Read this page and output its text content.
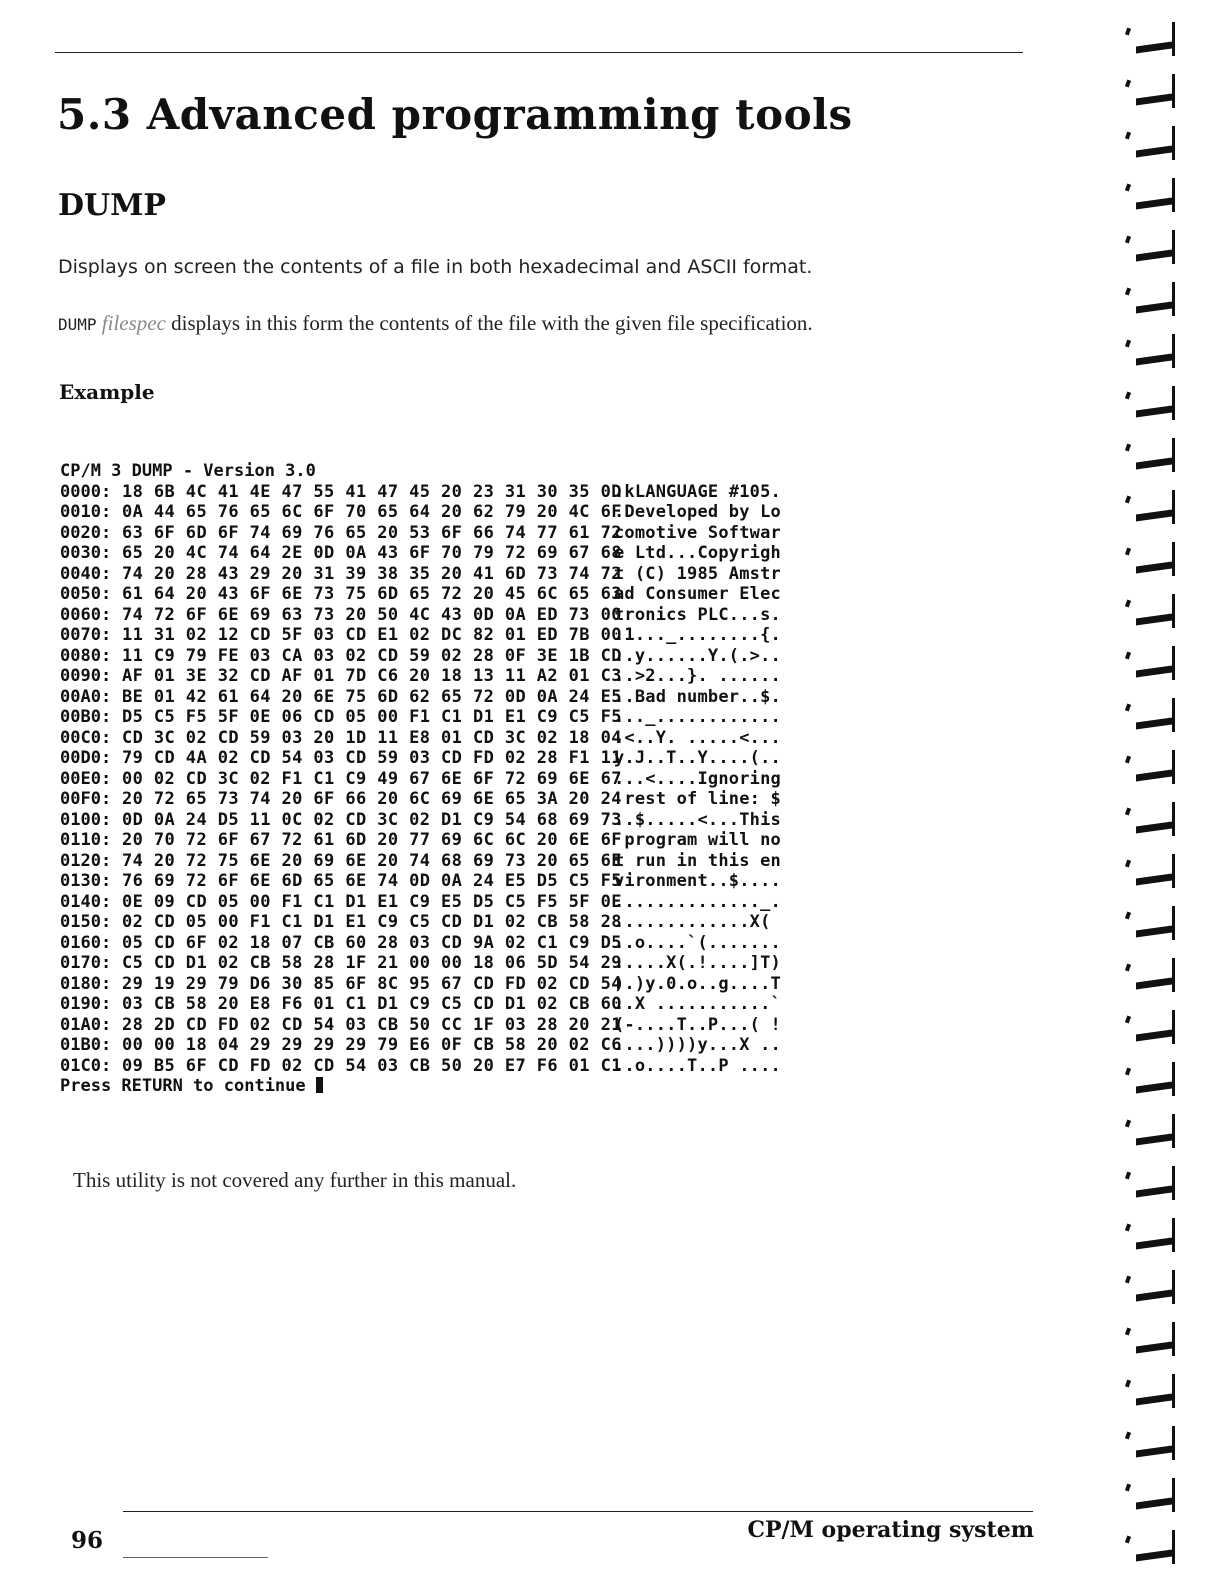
5.3 Advanced programming tools
DUMP

Displays on screen the contents of a file in both hexadecimal and ASCII format.

DUMP filespec displays in this form the contents of the file with the given file specification.

Example

CP/M 3 DUMP - Version 3.0
0000: 18 6B 4C 41 4E 47 55 41 47 45 20 23 31 30 35 0D
.kLANGUAGE #105.
0010: 0A 44 65 76 65 6C 6F 70 65 64 20 62 79 20 4C 6F
.Developed by Lo
0020: 63 6F 6D 6F 74 69 76 65 20 53 6F 66 74 77 61 72
comotive Softwar
0030: 65 20 4C 74 64 2E 0D 0A 43 6F 70 79 72 69 67 68
e Ltd...Copyrigh
0040: 74 20 28 43 29 20 31 39 38 35 20 41 6D 73 74 72
t (C) 1985 Amstr
0050: 61 64 20 43 6F 6E 73 75 6D 65 72 20 45 6C 65 63
ad Consumer Elec
0060: 74 72 6F 6E 69 63 73 20 50 4C 43 0D 0A ED 73 00
tronics PLC...s.
0070: 11 31 02 12 CD 5F 03 CD E1 02 DC 82 01 ED 7B 00
.1..._........{.
0080: 11 C9 79 FE 03 CA 03 02 CD 59 02 28 0F 3E 1B CD
..y......Y.(.>..
0090: AF 01 3E 32 CD AF 01 7D C6 20 18 13 11 A2 01 C3
..>2...}. ......
00A0: BE 01 42 61 64 20 6E 75 6D 62 65 72 0D 0A 24 E5
..Bad number..$.
00B0: D5 C5 F5 5F 0E 06 CD 05 00 F1 C1 D1 E1 C9 C5 F5
..._............
00C0: CD 3C 02 CD 59 03 20 1D 11 E8 01 CD 3C 02 18 04
.<..Y. .....<...
00D0: 79 CD 4A 02 CD 54 03 CD 59 03 CD FD 02 28 F1 11
y.J..T..Y....(..
00E0: 00 02 CD 3C 02 F1 C1 C9 49 67 6E 6F 72 69 6E 67
...<....Ignoring
00F0: 20 72 65 73 74 20 6F 66 20 6C 69 6E 65 3A 20 24
rest of line: $
0100: 0D 0A 24 D5 11 0C 02 CD 3C 02 D1 C9 54 68 69 73
..$.....<...This
0110: 20 70 72 6F 67 72 61 6D 20 77 69 6C 6C 20 6E 6F
program will no
0120: 74 20 72 75 6E 20 69 6E 20 74 68 69 73 20 65 6E
t run in this en
0130: 76 69 72 6F 6E 6D 65 6E 74 0D 0A 24 E5 D5 C5 F5
vironment..$....
0140: 0E 09 CD 05 00 F1 C1 D1 E1 C9 E5 D5 C5 F5 5F 0E
.............._.
0150: 02 CD 05 00 F1 C1 D1 E1 C9 C5 CD D1 02 CB 58 28
.............X(
0160: 05 CD 6F 02 18 07 CB 60 28 03 CD 9A 02 C1 C9 D5
..o....`(.......
0170: C5 CD D1 02 CB 58 28 1F 21 00 00 18 06 5D 54 29
.....X(.!....]T)
0180: 29 19 29 79 D6 30 85 6F 8C 95 67 CD FD 02 CD 54
).)y.0.o..g....T
0190: 03 CB 58 20 E8 F6 01 C1 D1 C9 C5 CD D1 02 CB 60
..X ...........`
01A0: 28 2D CD FD 02 CD 54 03 CB 50 CC 1F 03 28 20 21
(-....T..P...( !
01B0: 00 00 18 04 29 29 29 29 79 E6 0F CB 58 20 02 C6
....))))y...X ..
01C0: 09 B5 6F CD FD 02 CD 54 03 CB 50 20 E7 F6 01 C1
..o....T..P ....
Press RETURN to continue

This utility is not covered any further in this manual.

96	CP/M operating system
